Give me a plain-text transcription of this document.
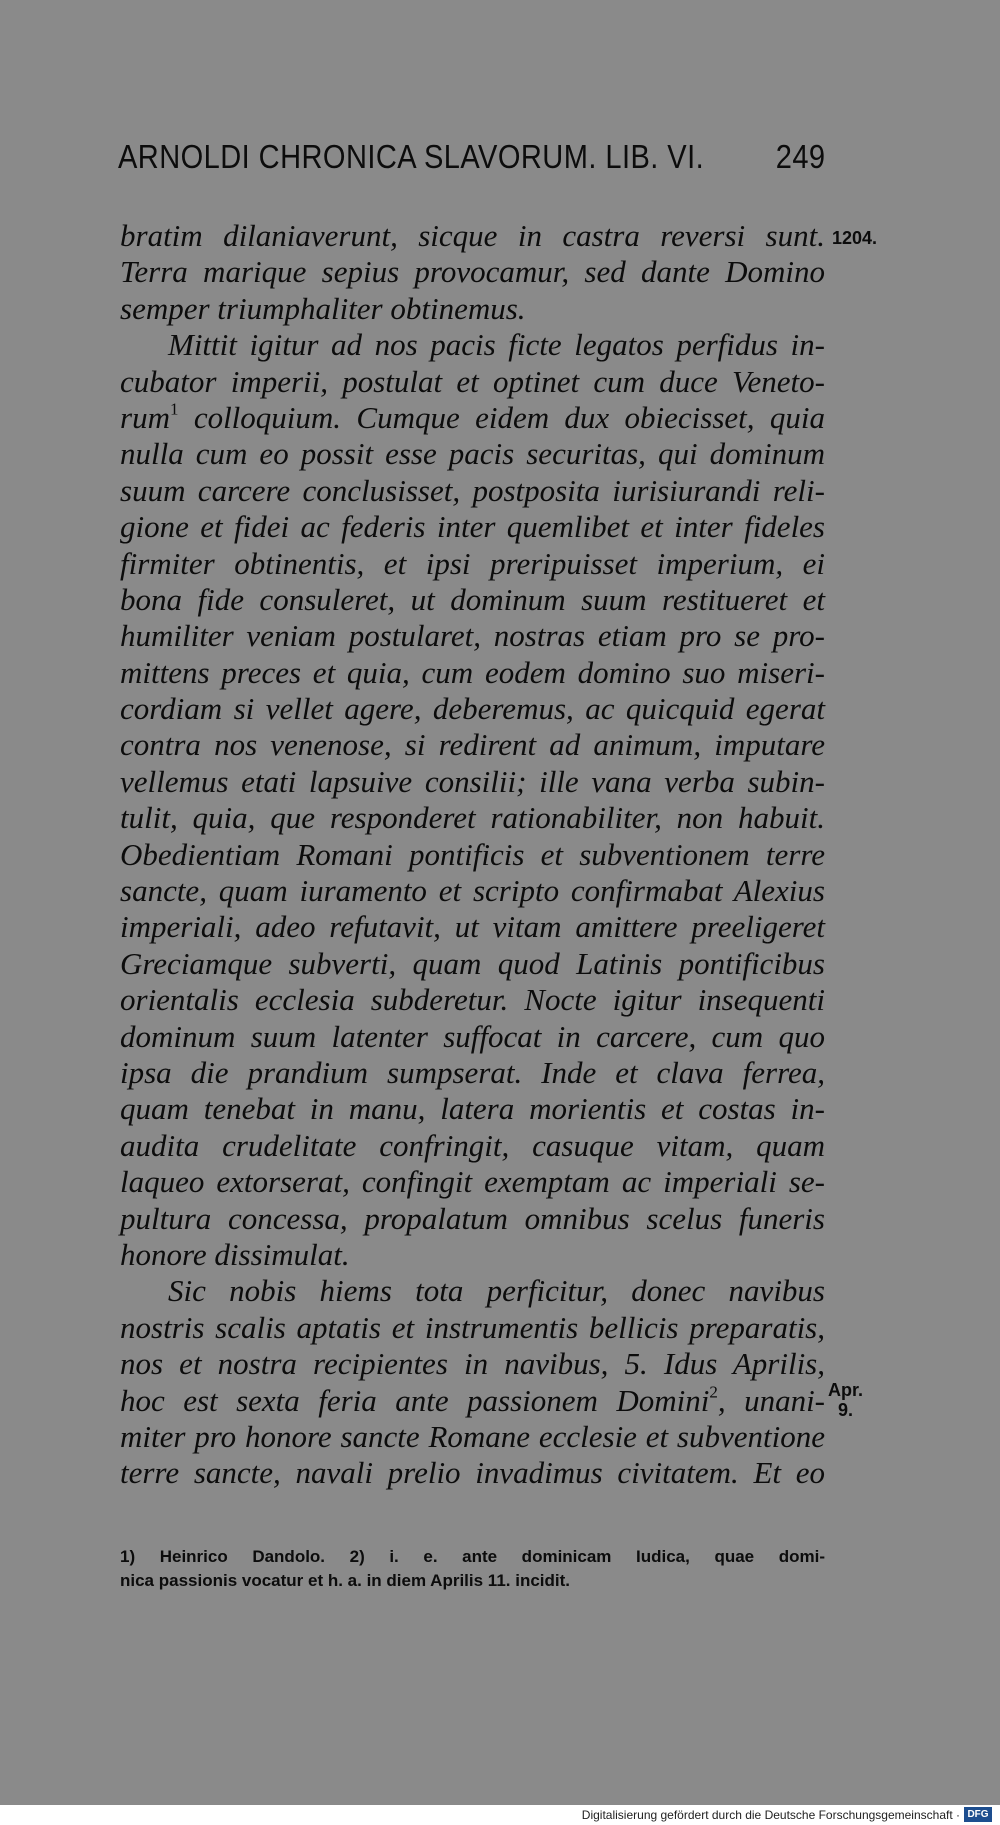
ARNOLDI CHRONICA SLAVORUM. LIB. VI. 249
bratim dilaniaverunt, sicque in castra reversi sunt.
Terra marique sepius provocamur, sed dante Domino
semper triumphaliter obtinemus.
Mittit igitur ad nos pacis ficte legatos perfidus in-
cubator imperii, postulat et optinet cum duce Veneto-
rum$^1$ colloquium. Cumque eidem dux obiecisset, quia
nulla cum eo possit esse pacis securitas, qui dominum
suum carcere conclusisset, postposita iurisiurandi reli-
gione et fidei ac federis inter quemlibet et inter fideles
firmiter obtinentis, et ipsi preripuisset imperium, ei
bona fide consuleret, ut dominum suum restitueret et
humiliter veniam postularet, nostras etiam pro se pro-
mittens preces et quia, cum eodem domino suo miseri-
cordiam si vellet agere, deberemus, ac quicquid egerat
contra nos venenose, si redirent ad animum, imputare
vellemus etati lapsuive consilii; ille vana verba subin-
tulit, quia, que responderet rationabiliter, non habuit.
Obedientiam Romani pontificis et subventionem terre
sancte, quam iuramento et scripto confirmabat Alexius
imperiali, adeo refutavit, ut vitam amittere preeligeret
Greciamque subverti, quam quod Latinis pontificibus
orientalis ecclesia subderetur. Nocte igitur insequenti
dominum suum latenter suffocat in carcere, cum quo
ipsa die prandium sumpserat. Inde et clava ferrea,
quam tenebat in manu, latera morientis et costas in-
audita crudelitate confringit, casuque vitam, quam
laqueo extorserat, confingit exemptam ac imperiali se-
pultura concessa, propalatum omnibus scelus funeris
honore dissimulat.
Sic nobis hiems tota perficitur, donec navibus
nostris scalis aptatis et instrumentis bellicis preparatis,
nos et nostra recipientes in navibus, 5. Idus Aprilis,
hoc est sexta feria ante passionem Domini$^2$, unani-
miter pro honore sancte Romane ecclesie et subventione
terre sancte, navali prelio invadimus civitatem. Et eo
1204.
Apr.
9.
1) Heinrico Dandolo. 2) i. e. ante dominicam Iudica, quae domi-
nica passionis vocatur et h. a. in diem Aprilis 11. incidit.
Digitalisierung gefördert durch die Deutsche Forschungsgemeinschaft · DFG
